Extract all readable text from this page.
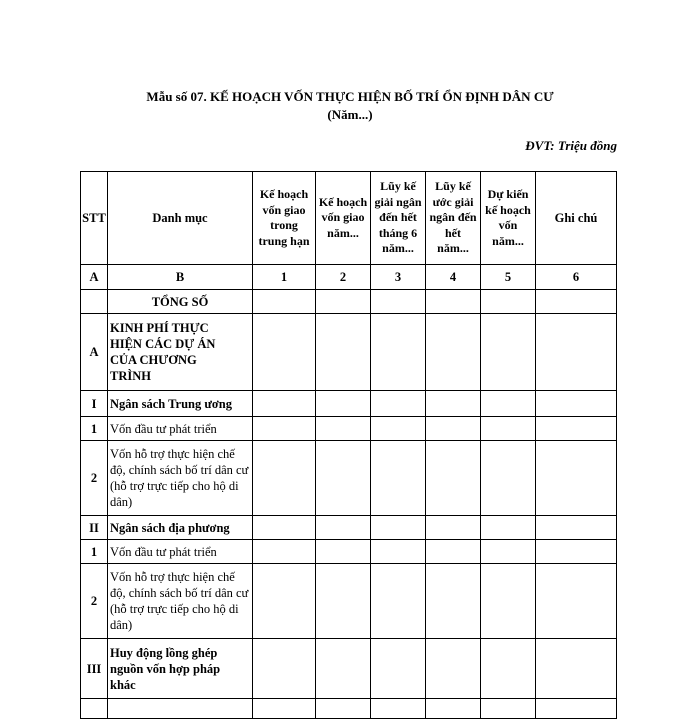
Mẫu số 07. KẾ HOẠCH VỐN THỰC HIỆN BỐ TRÍ ỔN ĐỊNH DÂN CƯ
(Năm...)
ĐVT: Triệu đồng
STT	Danh mục	Kế hoạch vốn giao trong trung hạn	Kế hoạch vốn giao năm...	Lũy kế giải ngân đến hết tháng 6 năm...	Lũy kế ước giải ngân đến hết năm...	Dự kiến kế hoạch vốn năm...	Ghi chú
A	B	1	2	3	4	5	6
	TỔNG SỐ						
A	KINH PHÍ THỰC HIỆN CÁC DỰ ÁN CỦA CHƯƠNG TRÌNH						
I	Ngân sách Trung ương						
1	Vốn đầu tư phát triển						
2	Vốn hỗ trợ thực hiện chế độ, chính sách bố trí dân cư (hỗ trợ trực tiếp cho hộ di dân)						
II	Ngân sách địa phương						
1	Vốn đầu tư phát triển						
2	Vốn hỗ trợ thực hiện chế độ, chính sách bố trí dân cư (hỗ trợ trực tiếp cho hộ di dân)						
III	Huy động lồng ghép nguồn vốn hợp pháp khác						
